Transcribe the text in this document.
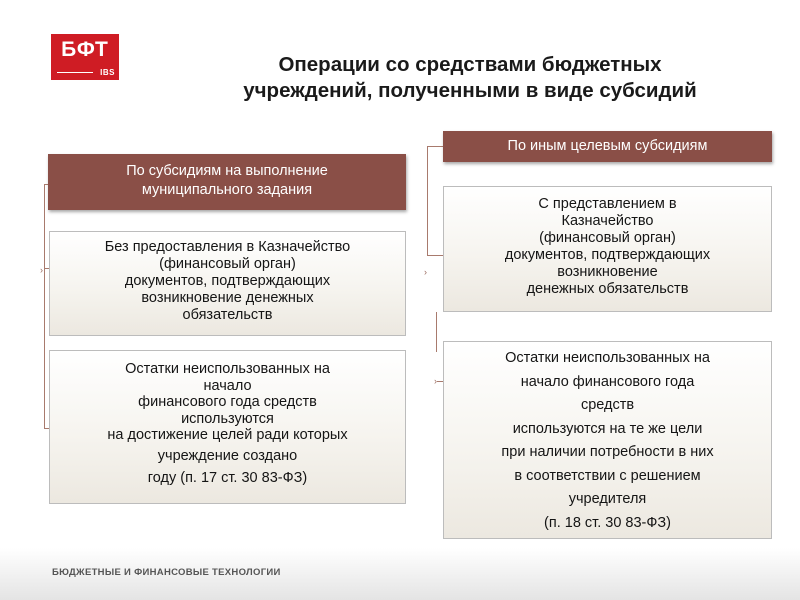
БФТ
IBS	Операции со средствами бюджетных
учреждений, полученными в виде субсидий
›	›
›
По субсидиям на выполнение
муниципального задания
Без предоставления в Казначейство
(финансовый орган)
документов, подтверждающих
возникновение денежных
обязательств
Остатки неиспользованных на
начало
финансового года средств
используются
на достижение целей ради которых
учреждение создано
году (п. 17 ст. 30 83-ФЗ)
По иным целевым субсидиям
С представлением в
Казначейство
(финансовый орган)
документов, подтверждающих
возникновение
денежных обязательств
Остатки неиспользованных на
начало финансового года
средств
используются на те же цели
при наличии потребности в них
в соответствии с решением
учредителя
(п. 18 ст. 30 83-ФЗ)
БЮДЖЕТНЫЕ И ФИНАНСОВЫЕ ТЕХНОЛОГИИ
